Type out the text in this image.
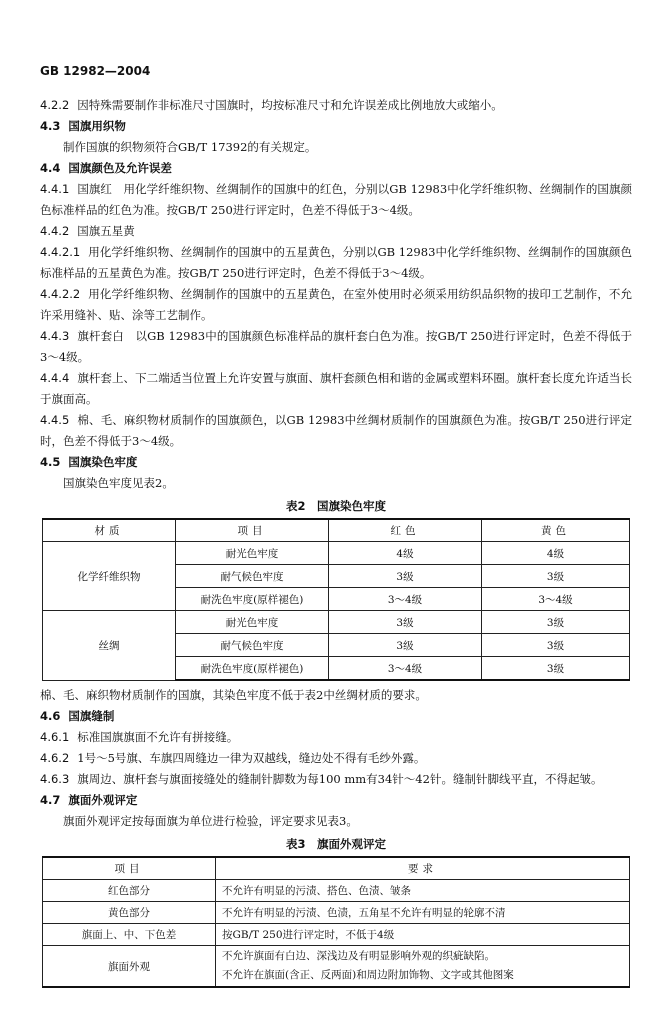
GB 12982—2004

4.2.2 因特殊需要制作非标准尺寸国旗时，均按标准尺寸和允许误差成比例地放大或缩小。

4.3 国旗用织物

制作国旗的织物须符合GB/T 17392的有关规定。

4.4 国旗颜色及允许误差

4.4.1 国旗红　用化学纤维织物、丝绸制作的国旗中的红色，分别以GB 12983中化学纤维织物、丝绸制作的国旗颜色标准样品的红色为准。按GB/T 250进行评定时，色差不得低于3～4级。

4.4.2 国旗五星黄

4.4.2.1 用化学纤维织物、丝绸制作的国旗中的五星黄色，分别以GB 12983中化学纤维织物、丝绸制作的国旗颜色标准样品的五星黄色为准。按GB/T 250进行评定时，色差不得低于3～4级。

4.4.2.2 用化学纤维织物、丝绸制作的国旗中的五星黄色，在室外使用时必须采用纺织品织物的拔印工艺制作，不允许采用缝补、贴、涂等工艺制作。

4.4.3 旗杆套白　以GB 12983中的国旗颜色标准样品的旗杆套白色为准。按GB/T 250进行评定时，色差不得低于3～4级。

4.4.4 旗杆套上、下二端适当位置上允许安置与旗面、旗杆套颜色相和谐的金属或塑料环圈。旗杆套长度允许适当长于旗面高。

4.4.5 棉、毛、麻织物材质制作的国旗颜色，以GB 12983中丝绸材质制作的国旗颜色为准。按GB/T 250进行评定时，色差不得低于3～4级。

4.5 国旗染色牢度

国旗染色牢度见表2。

表2　国旗染色牢度
材质	项目	红色	黄色
化学纤维织物	耐光色牢度	4级	4级
	耐气候色牢度	3级	3级
	耐洗色牢度(原样褪色)	3～4级	3～4级
丝绸	耐光色牢度	3级	3级
	耐气候色牢度	3级	3级
	耐洗色牢度(原样褪色)	3～4级	3级

棉、毛、麻织物材质制作的国旗，其染色牢度不低于表2中丝绸材质的要求。

4.6 国旗缝制

4.6.1 标准国旗旗面不允许有拼接缝。

4.6.2 1号～5号旗、车旗四周缝边一律为双越线，缝边处不得有毛纱外露。

4.6.3 旗周边、旗杆套与旗面接缝处的缝制针脚数为每100 mm有34针～42针。缝制针脚线平直，不得起皱。

4.7 旗面外观评定

旗面外观评定按每面旗为单位进行检验，评定要求见表3。

表3　旗面外观评定
项目	要求
红色部分	不允许有明显的污渍、搭色、色渍、皱条
黄色部分	不允许有明显的污渍、色渍，五角星不允许有明显的轮廓不清
旗面上、中、下色差	按GB/T 250进行评定时，不低于4级
旗面外观	不允许旗面有白边、深浅边及有明显影响外观的织疵缺陷。
不允许在旗面(含正、反两面)和周边附加饰物、文字或其他图案
